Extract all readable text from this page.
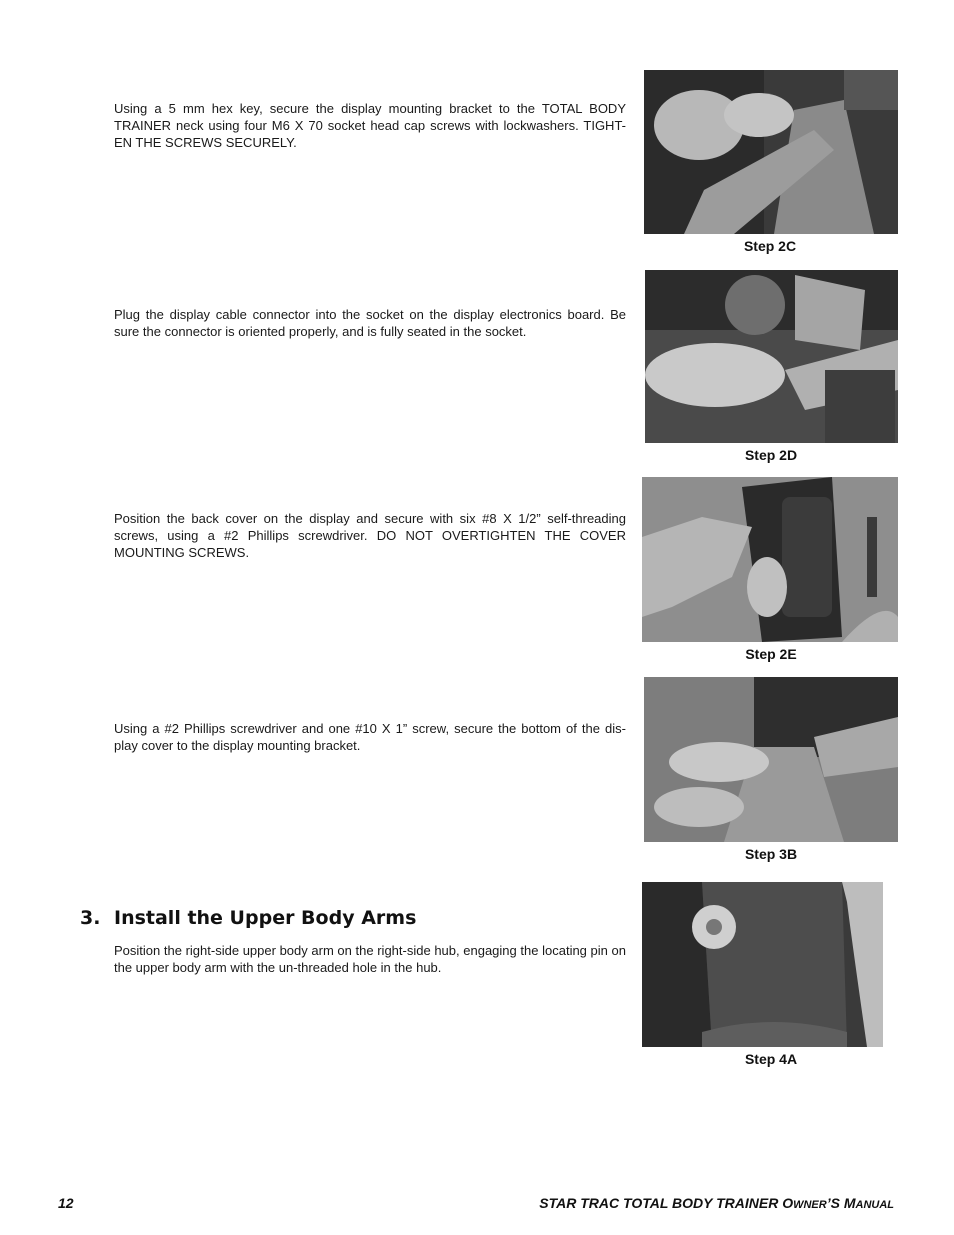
Using a 5 mm hex key, secure the display mounting bracket to the TOTAL BODY TRAINER neck using four M6 X 70 socket head cap screws with lockwashers. TIGHT-EN THE SCREWS SECURELY.
Step 2C
Plug the display cable connector into the socket on the display electronics board. Be sure the connector is oriented properly, and is fully seated in the socket.
Step 2D
Position the back cover on the display and secure with six #8 X 1/2” self-threading screws, using a #2 Phillips screwdriver. DO NOT OVERTIGHTEN THE COVER MOUNTING SCREWS.
Step 2E
Using a #2 Phillips screwdriver and one #10 X 1” screw, secure the bottom of the dis-play cover to the display mounting bracket.
Step 3B
3. Install the Upper Body Arms
Position the right-side upper body arm on the right-side hub, engaging the locating pin on the upper body arm with the un-threaded hole in the hub.
Step 4A
12	STAR TRAC TOTAL BODY TRAINER OWNER’S MANUAL
